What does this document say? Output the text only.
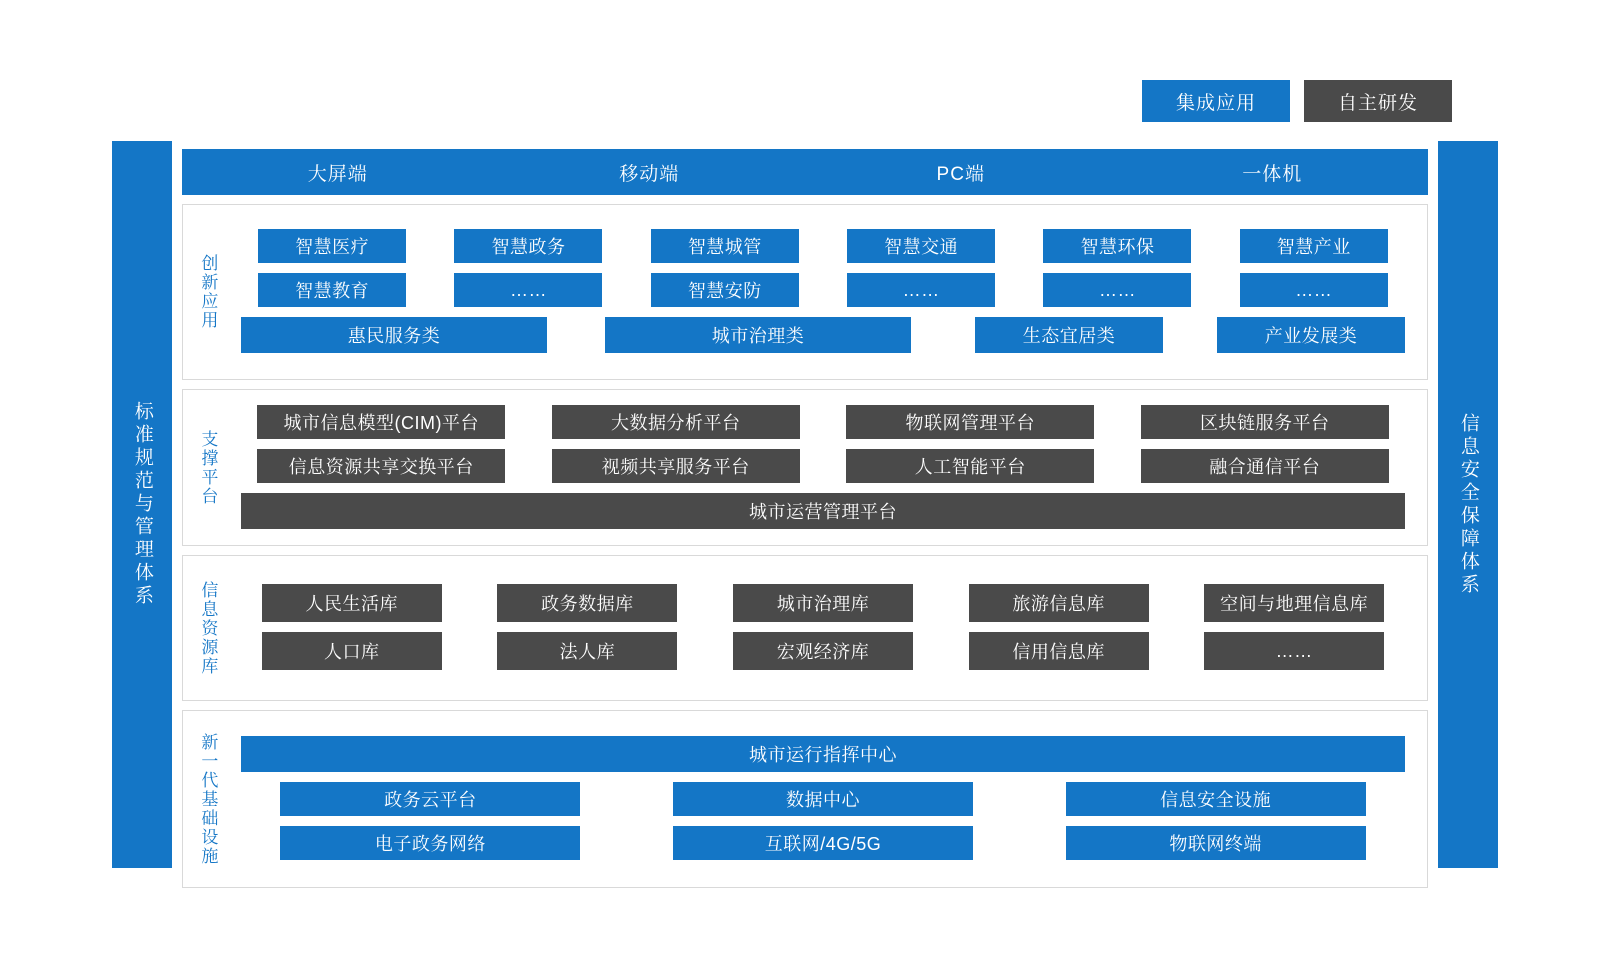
集成应用	自主研发
标准规范与管理体系
大屏端	移动端	PC端	一体机
创新应用
智慧医疗	智慧政务	智慧城管	智慧交通	智慧环保	智慧产业
智慧教育	……	智慧安防	……	……	……
惠民服务类	城市治理类	生态宜居类	产业发展类
支撑平台
城市信息模型(CIM)平台	大数据分析平台	物联网管理平台	区块链服务平台
信息资源共享交换平台	视频共享服务平台	人工智能平台	融合通信平台
城市运营管理平台
信息资源库	人民生活库	政务数据库	城市治理库	旅游信息库	空间与地理信息库
人口库	法人库	宏观经济库	信用信息库	……
新一代基础设施	城市运行指挥中心
政务云平台	数据中心	信息安全设施
电子政务网络	互联网/4G/5G	物联网终端
信息安全保障体系
